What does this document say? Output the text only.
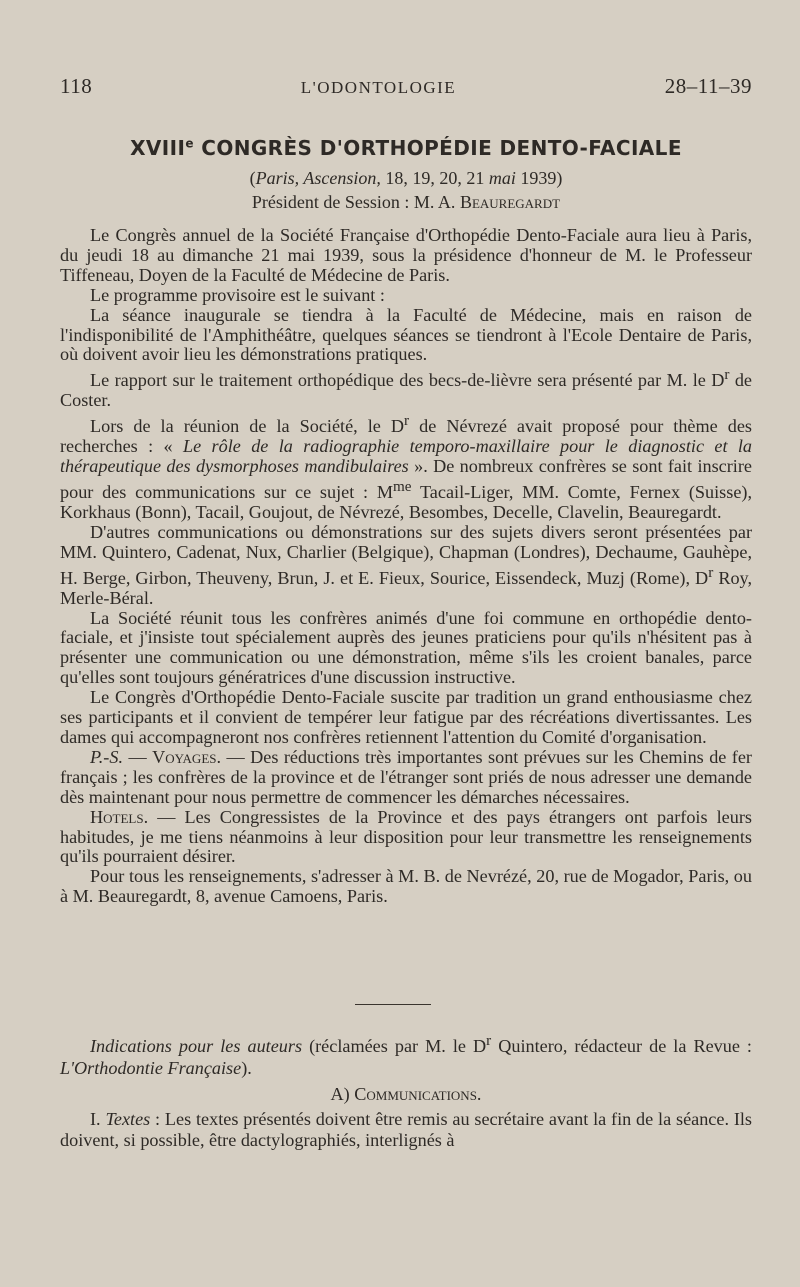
118	L'ODONTOLOGIE	28–11–39
XVIIIe CONGRÈS D'ORTHOPÉDIE DENTO-FACIALE
(Paris, Ascension, 18, 19, 20, 21 mai 1939)
Président de Session : M. A. Beauregardt

Le Congrès annuel de la Société Française d'Orthopédie Dento-Faciale aura lieu à Paris, du jeudi 18 au dimanche 21 mai 1939, sous la présidence d'honneur de M. le Professeur Tiffeneau, Doyen de la Faculté de Médecine de Paris.

Le programme provisoire est le suivant :

La séance inaugurale se tiendra à la Faculté de Médecine, mais en raison de l'indisponibilité de l'Amphithéâtre, quelques séances se tiendront à l'Ecole Dentaire de Paris, où doivent avoir lieu les démonstrations pratiques.

Le rapport sur le traitement orthopédique des becs-de-lièvre sera présenté par M. le $D^r$ de Coster.

Lors de la réunion de la Société, le $D^r$ de Névrezé avait proposé pour thème des recherches : « Le rôle de la radiographie temporo-maxillaire pour le diagnostic et la thérapeutique des dysmorphoses mandibulaires ». De nombreux confrères se sont fait inscrire pour des communications sur ce sujet : $M^{me}$ Tacail-Liger, MM. Comte, Fernex (Suisse), Korkhaus (Bonn), Tacail, Goujout, de Névrezé, Besombes, Decelle, Clavelin, Beauregardt.

D'autres communications ou démonstrations sur des sujets divers seront présentées par MM. Quintero, Cadenat, Nux, Charlier (Belgique), Chapman (Londres), Dechaume, Gauhèpe, H. Berge, Girbon, Theuveny, Brun, J. et E. Fieux, Sourice, Eissendeck, Muzj (Rome), $D^r$ Roy, Merle-Béral.

La Société réunit tous les confrères animés d'une foi commune en orthopédie dento-faciale, et j'insiste tout spécialement auprès des jeunes praticiens pour qu'ils n'hésitent pas à présenter une communication ou une démonstration, même s'ils les croient banales, parce qu'elles sont toujours génératrices d'une discussion instructive.

Le Congrès d'Orthopédie Dento-Faciale suscite par tradition un grand enthousiasme chez ses participants et il convient de tempérer leur fatigue par des récréations divertissantes. Les dames qui accompagneront nos confrères retiennent l'attention du Comité d'organisation.

P.-S. — Voyages. — Des réductions très importantes sont prévues sur les Chemins de fer français ; les confrères de la province et de l'étranger sont priés de nous adresser une demande dès maintenant pour nous permettre de commencer les démarches nécessaires.

Hotels. — Les Congressistes de la Province et des pays étrangers ont parfois leurs habitudes, je me tiens néanmoins à leur disposition pour leur transmettre les renseignements qu'ils pourraient désirer.

Pour tous les renseignements, s'adresser à M. B. de Nevrézé, 20, rue de Mogador, Paris, ou à M. Beauregardt, 8, avenue Camoens, Paris.

Indications pour les auteurs (réclamées par M. le $D^r$ Quintero, rédacteur de la Revue : L'Orthodontie Française).

A) Communications.

I. Textes : Les textes présentés doivent être remis au secrétaire avant la fin de la séance. Ils doivent, si possible, être dactylographiés, interlignés à
